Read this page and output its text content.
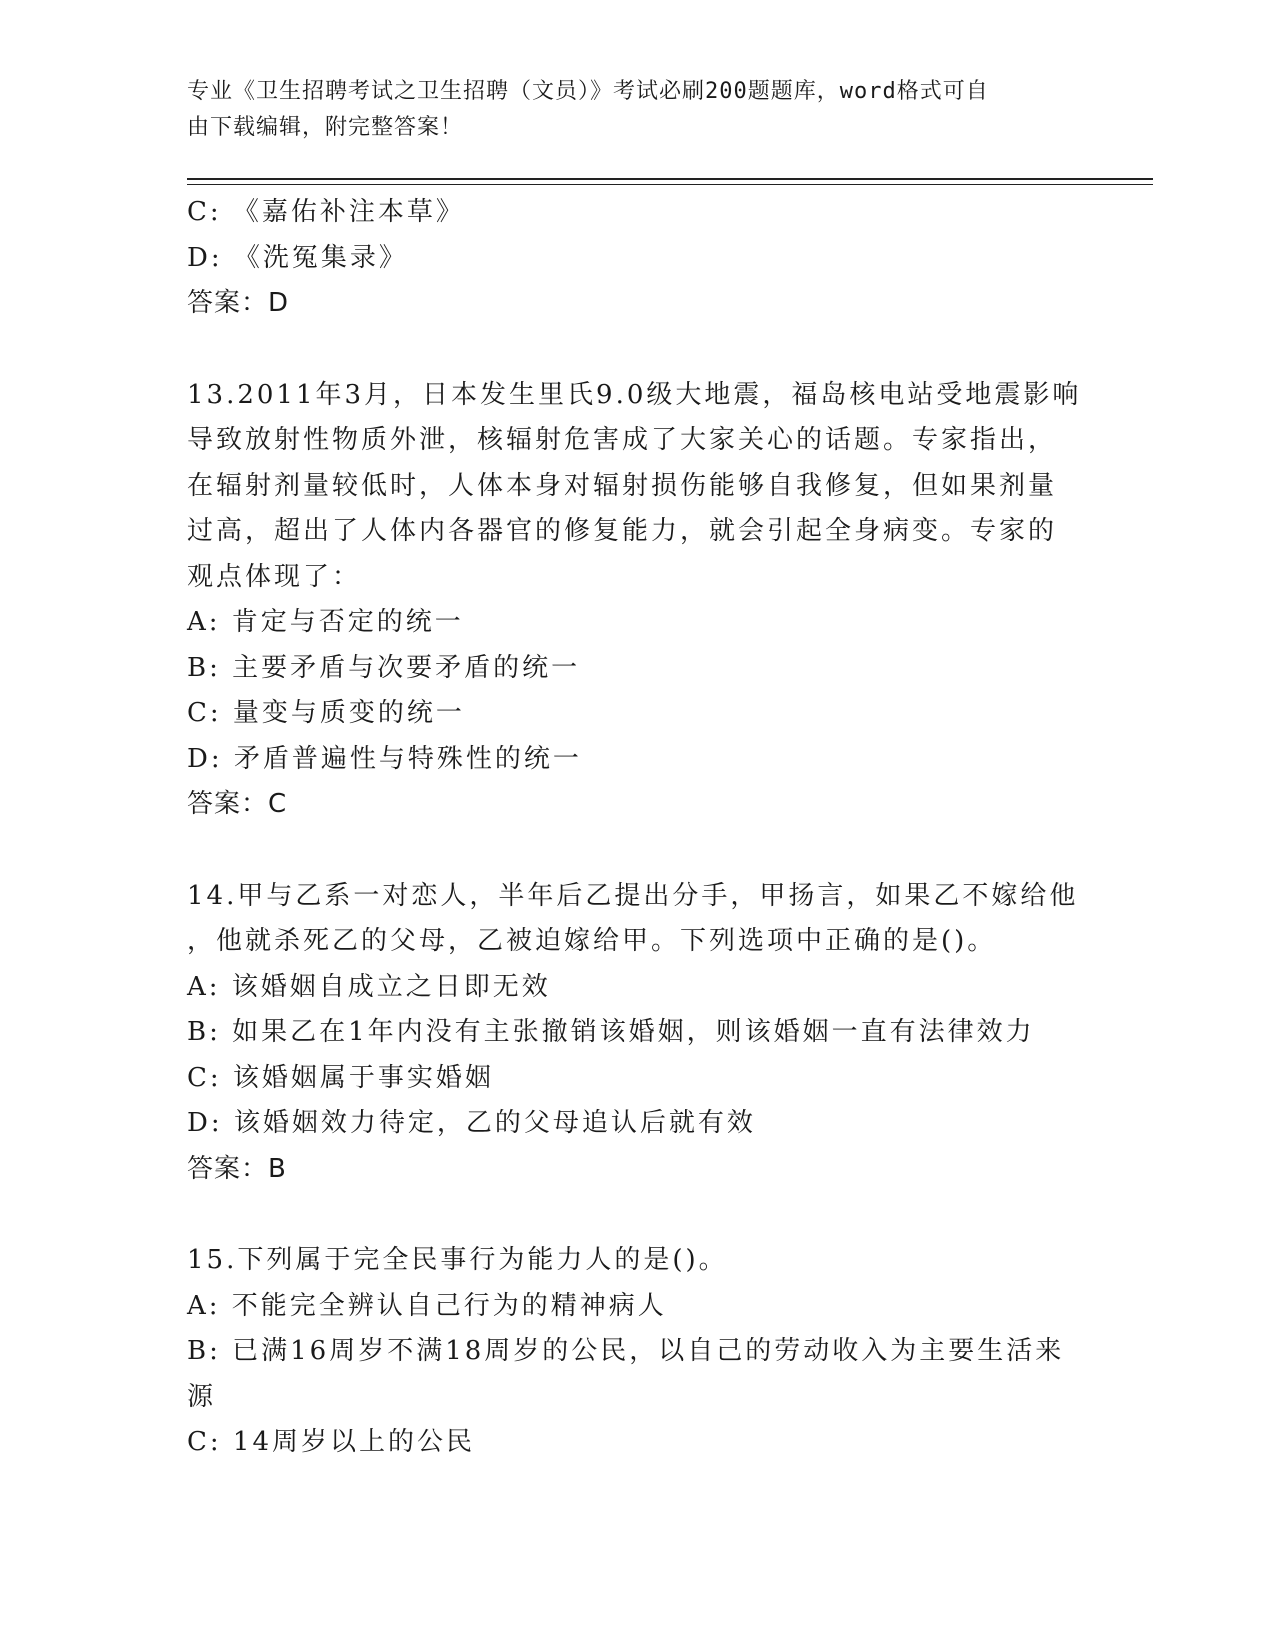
专业《卫生招聘考试之卫生招聘（文员）》考试必刷200题题库，word格式可自
由下载编辑，附完整答案！
C: 《嘉佑补注本草》
D: 《洗冤集录》
答案：D
13.2011年3月，日本发生里氏9.0级大地震，福岛核电站受地震影响
导致放射性物质外泄，核辐射危害成了大家关心的话题。专家指出，
在辐射剂量较低时，人体本身对辐射损伤能够自我修复，但如果剂量
过高，超出了人体内各器官的修复能力，就会引起全身病变。专家的
观点体现了：
A: 肯定与否定的统一
B: 主要矛盾与次要矛盾的统一
C: 量变与质变的统一
D: 矛盾普遍性与特殊性的统一
答案：C
14.甲与乙系一对恋人，半年后乙提出分手，甲扬言，如果乙不嫁给他
，他就杀死乙的父母，乙被迫嫁给甲。下列选项中正确的是()。
A: 该婚姻自成立之日即无效
B: 如果乙在1年内没有主张撤销该婚姻，则该婚姻一直有法律效力
C: 该婚姻属于事实婚姻
D: 该婚姻效力待定，乙的父母追认后就有效
答案：B
15.下列属于完全民事行为能力人的是()。
A: 不能完全辨认自己行为的精神病人
B: 已满16周岁不满18周岁的公民，以自己的劳动收入为主要生活来
源
C: 14周岁以上的公民
